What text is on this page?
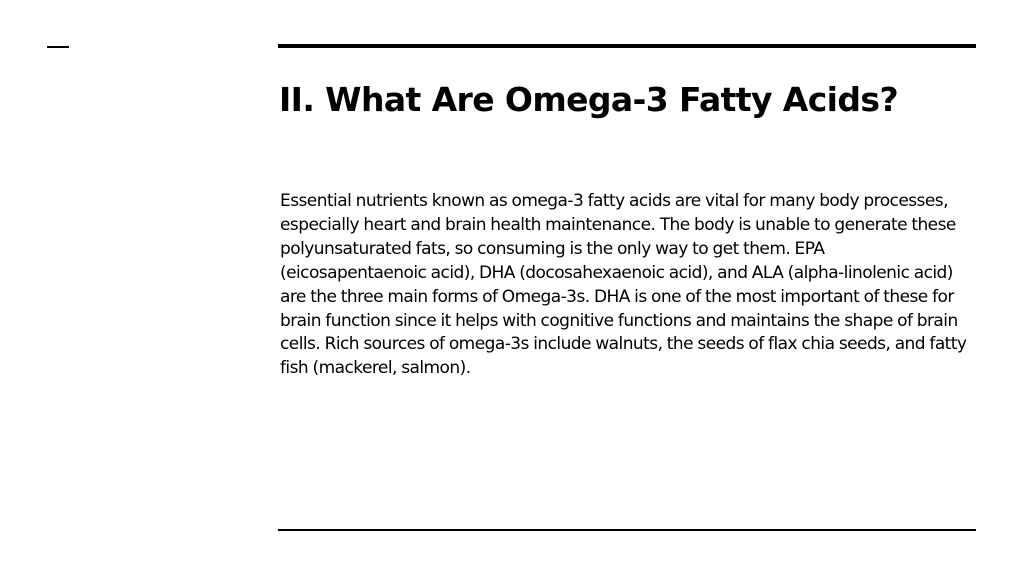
II. What Are Omega-3 Fatty Acids?

Essential nutrients known as omega-3 fatty acids are vital for many body processes, especially heart and brain health maintenance. The body is unable to generate these polyunsaturated fats, so consuming is the only way to get them. EPA (eicosapentaenoic acid), DHA (docosahexaenoic acid), and ALA (alpha-linolenic acid) are the three main forms of Omega-3s. DHA is one of the most important of these for brain function since it helps with cognitive functions and maintains the shape of brain cells. Rich sources of omega-3s include walnuts, the seeds of flax chia seeds, and fatty fish (mackerel, salmon).
